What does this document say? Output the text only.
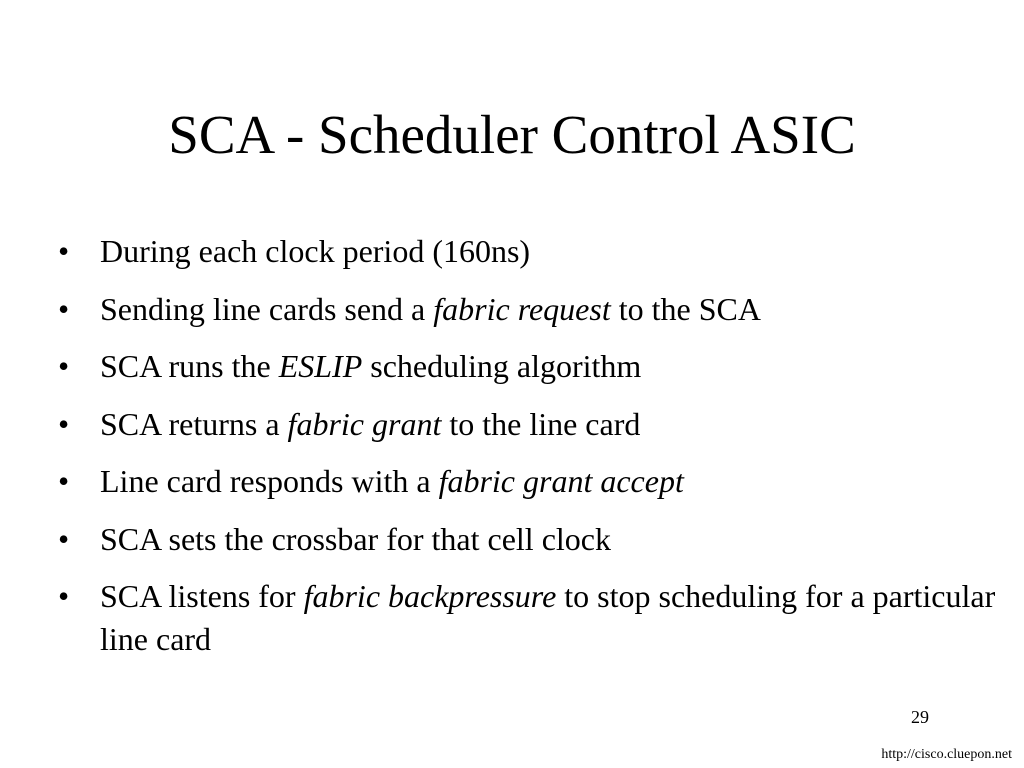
SCA - Scheduler Control ASIC
• During each clock period (160ns)
• Sending line cards send a fabric request to the SCA
• SCA runs the ESLIP scheduling algorithm
• SCA returns a fabric grant to the line card
• Line card responds with a fabric grant accept
• SCA sets the crossbar for that cell clock
• SCA listens for fabric backpressure to stop scheduling for a particular line card
29
http://cisco.cluepon.net
